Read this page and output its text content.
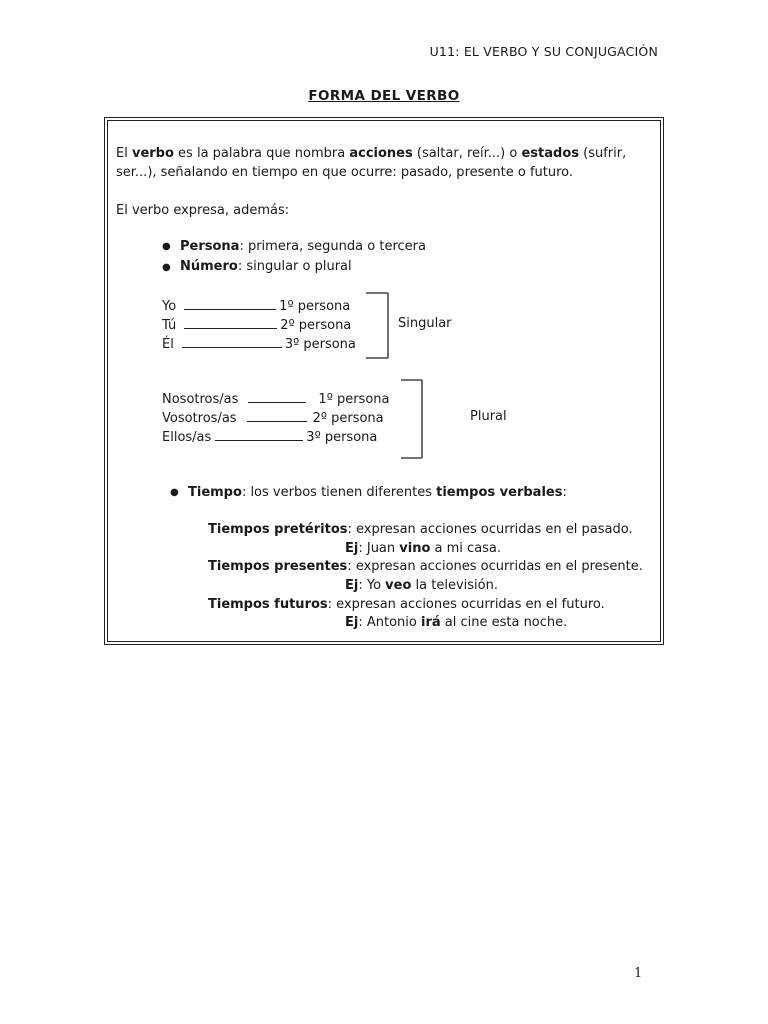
U11: EL VERBO Y SU CONJUGACIÓN
FORMA DEL VERBO
El verbo es la palabra que nombra acciones (saltar, reír...) o estados (sufrir,
ser...), señalando en tiempo en que ocurre: pasado, presente o futuro.
El verbo expresa, además:
● Persona: primera, segunda o tercera
● Número: singular o plural
Yo	1º persona
Tú	2º persona
Él	3º persona
Singular
Nosotros/as	1º persona
Vosotros/as	2º persona
Ellos/as	3º persona
Plural
● Tiempo: los verbos tienen diferentes tiempos verbales:
Tiempos pretéritos: expresan acciones ocurridas en el pasado.
Ej: Juan vino a mi casa.
Tiempos presentes: expresan acciones ocurridas en el presente.
Ej: Yo veo la televisión.
Tiempos futuros: expresan acciones ocurridas en el futuro.
Ej: Antonio irá al cine esta noche.
1
